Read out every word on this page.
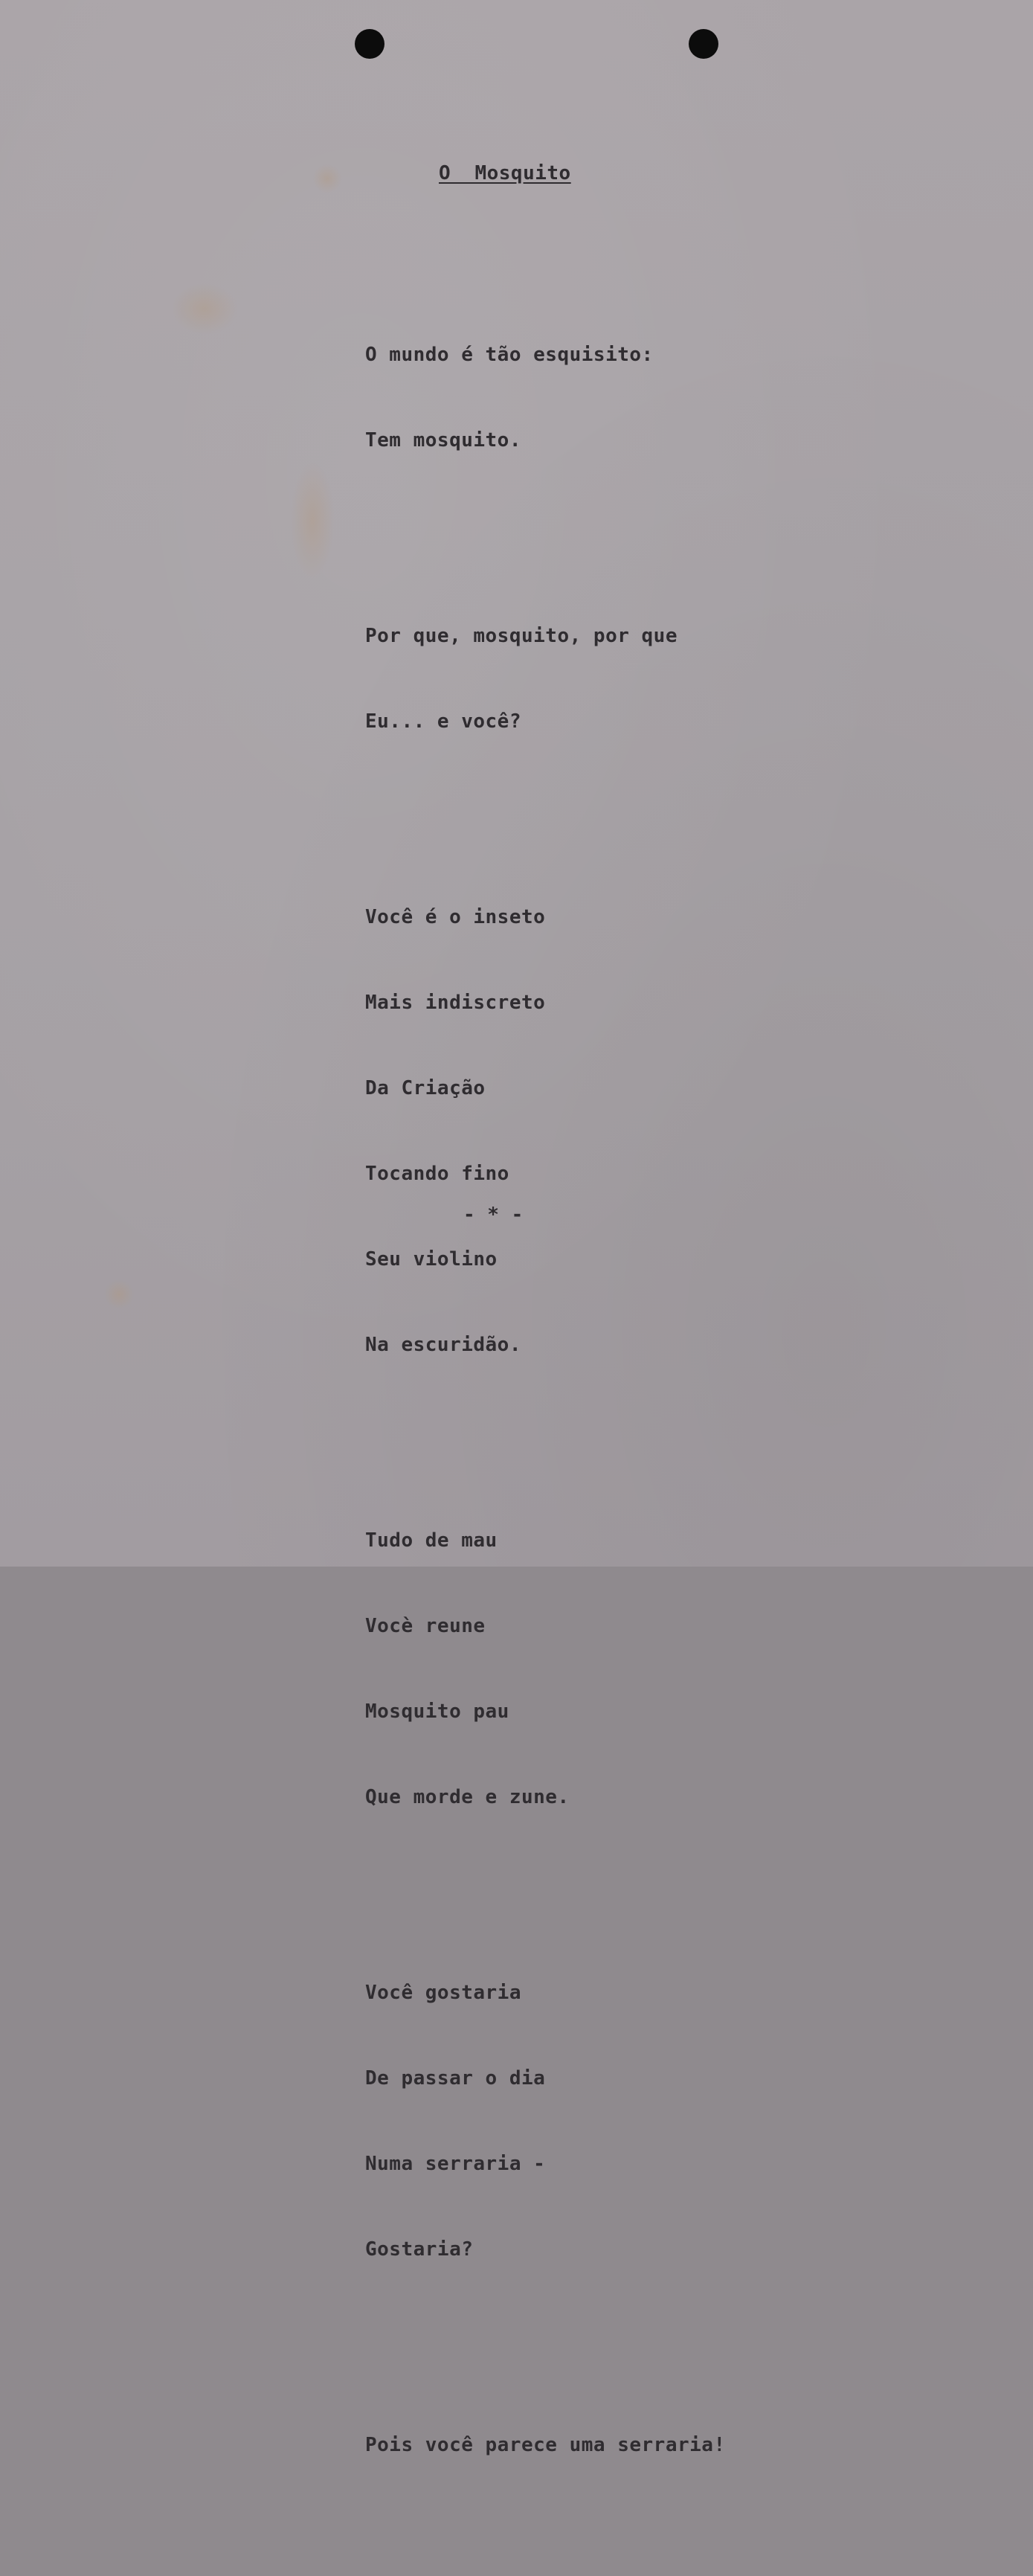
O  Mosquito

O mundo é tão esquisito:

Tem mosquito.

Por que, mosquito, por que

Eu... e você?

Você é o inseto

Mais indiscreto

Da Criação

Tocando fino

Seu violino

Na escuridão.

Tudo de mau

Vocè reune

Mosquito pau

Que morde e zune.

Você gostaria

De passar o dia

Numa serraria -

Gostaria?

Pois você parece uma serraria!

- * -
